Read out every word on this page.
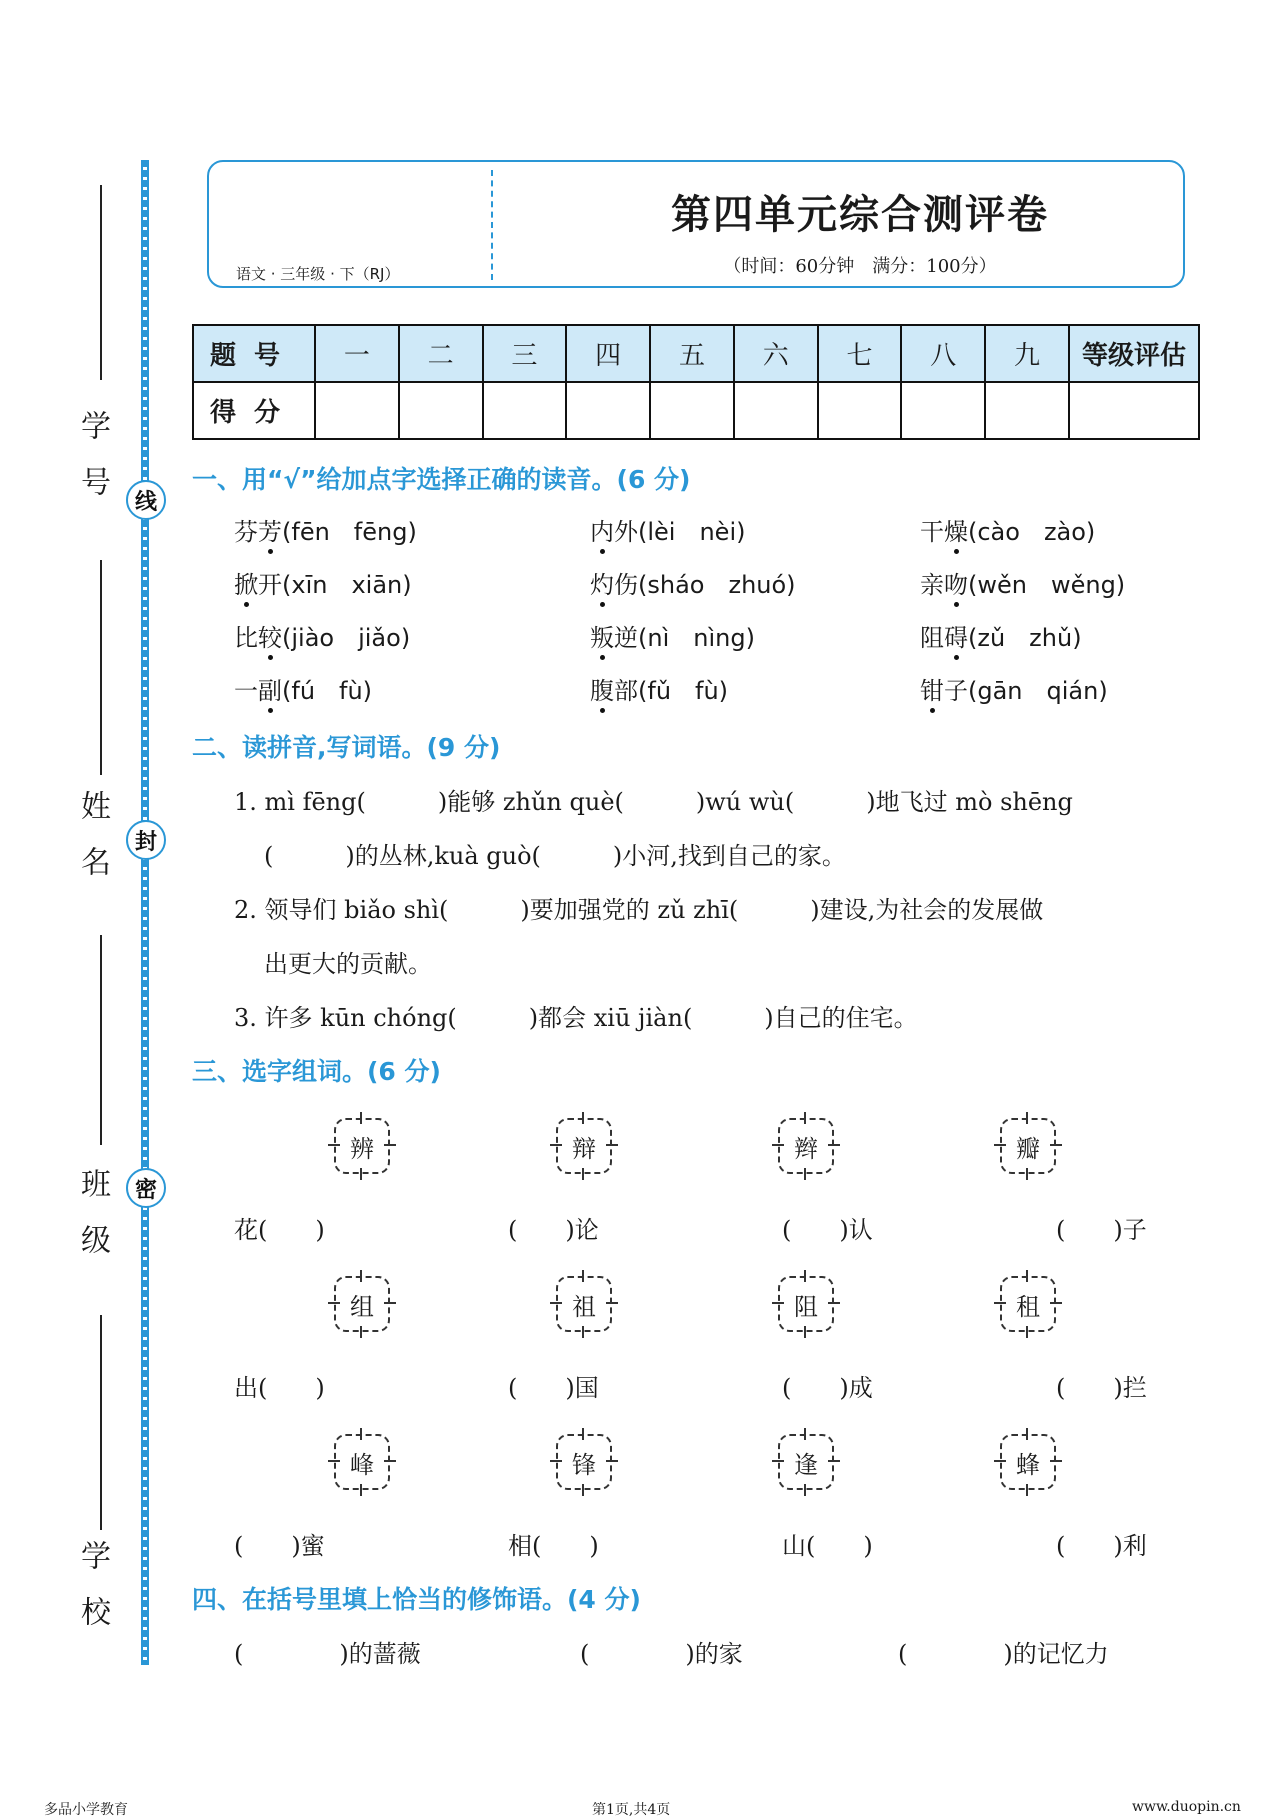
线
封
密
学号
姓名
班级
学校
语文 · 三年级 · 下（RJ）
第四单元综合测评卷
（时间：60分钟　满分：100分）
题号	一	二	三	四	五	六	七	八	九	等级评估
得分										
一、用“√”给加点字选择正确的读音。(6 分)
芬芳(fēn　fēng)	内外(lèi　nèi)	干燥(cào　zào)
掀开(xīn　xiān)	灼伤(sháo　zhuó)	亲吻(wěn　wěng)
比较(jiào　jiǎo)	叛逆(nì　nìng)	阻碍(zǔ　zhǔ)
一副(fú　fù)	腹部(fǔ　fù)	钳子(gān　qián)
二、读拼音,写词语。(9 分)
1. mì fēng(　　　)能够 zhǔn què(　　　)wú wù(　　　)地飞过 mò shēng
(　　　)的丛林,kuà guò(　　　)小河,找到自己的家。
2. 领导们 biǎo shì(　　　)要加强党的 zǔ zhī(　　　)建设,为社会的发展做
出更大的贡献。
3. 许多 kūn chóng(　　　)都会 xiū jiàn(　　　)自己的住宅。
三、选字组词。(6 分)
辨	辩	辫	瓣
花(　　)	(　　)论	(　　)认	(　　)子
组	祖	阻	租
出(　　)	(　　)国	(　　)成	(　　)拦
峰	锋	逢	蜂
(　　)蜜	相(　　)	山(　　)	(　　)利
四、在括号里填上恰当的修饰语。(4 分)
(　　　　)的蔷薇	(　　　　)的家	(　　　　)的记忆力
多品小学教育	第1页,共4页	www.duopin.cn
